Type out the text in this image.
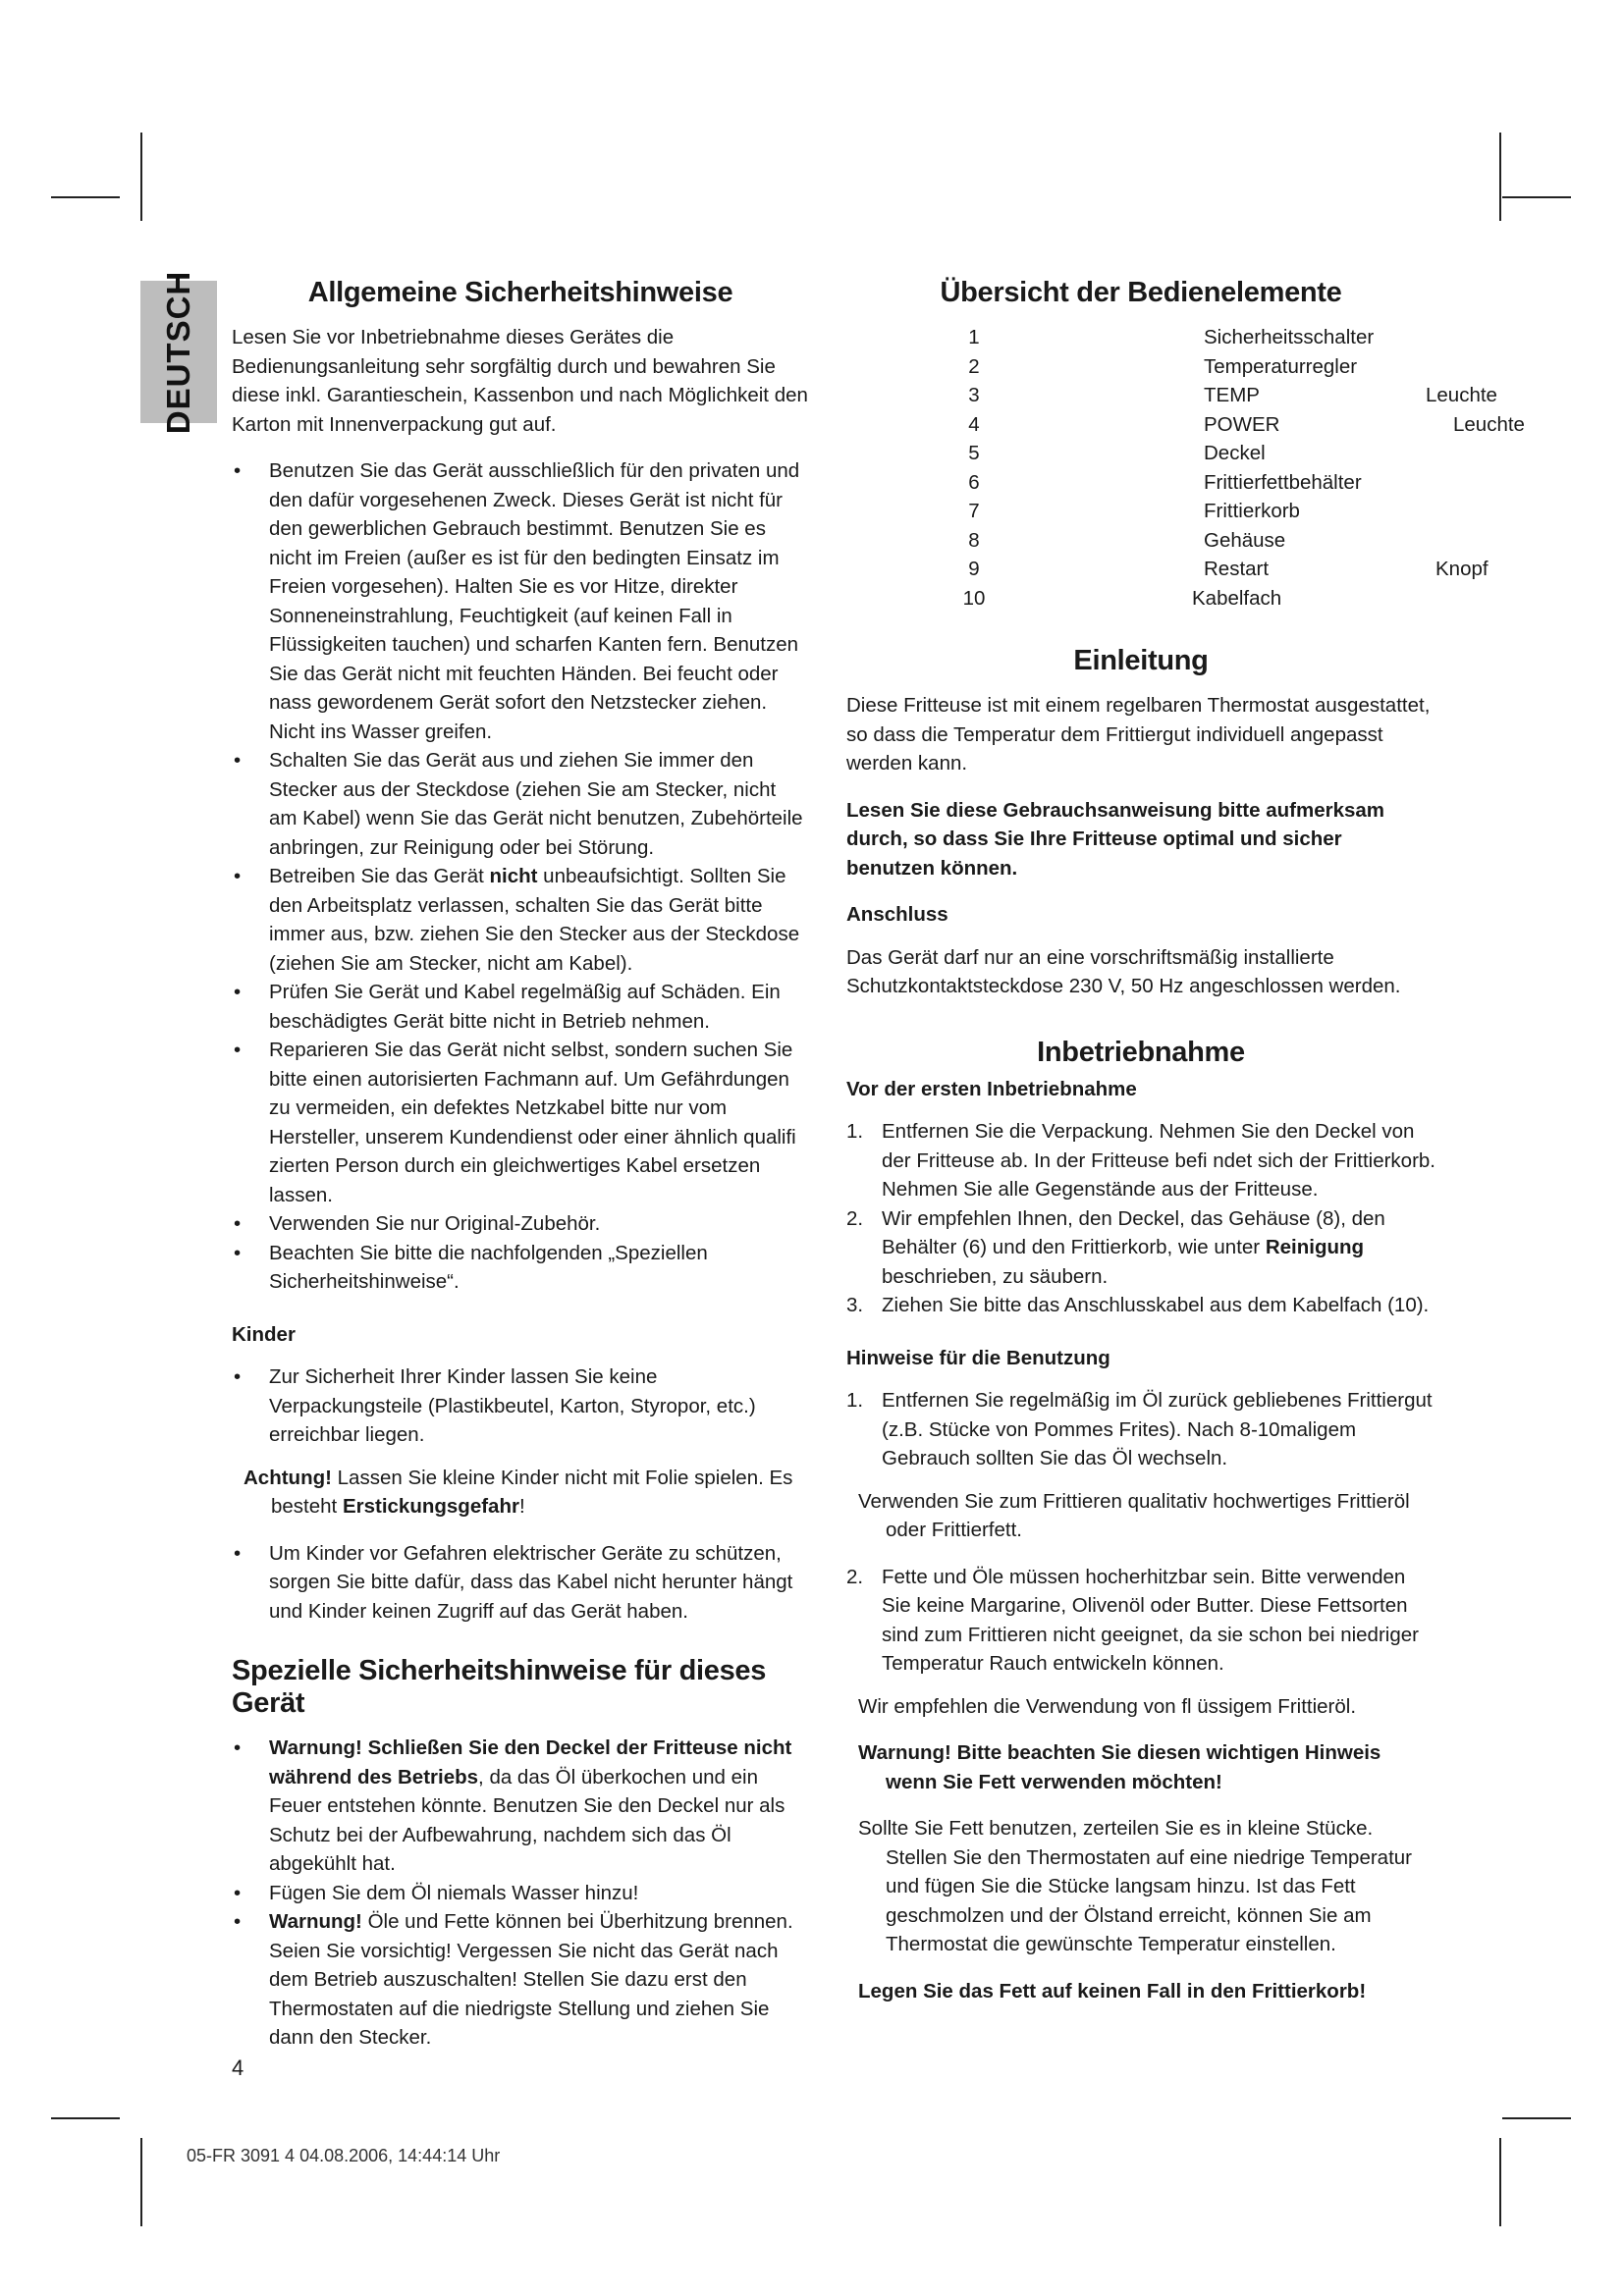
DEUTSCH	Allgemeine Sicherheitshinweise

Lesen Sie vor Inbetriebnahme dieses Gerätes die Bedienungsanleitung sehr sorgfältig durch und bewahren Sie diese inkl. Garantieschein, Kassenbon und nach Möglichkeit den Karton mit Innenverpackung gut auf.

• Benutzen Sie das Gerät ausschließlich für den privaten und den dafür vorgesehenen Zweck. Dieses Gerät ist nicht für den gewerblichen Gebrauch bestimmt. Benutzen Sie es nicht im Freien (außer es ist für den bedingten Einsatz im Freien vorgesehen). Halten Sie es vor Hitze, direkter Sonneneinstrahlung, Feuchtigkeit (auf keinen Fall in Flüssigkeiten tauchen) und scharfen Kanten fern. Benutzen Sie das Gerät nicht mit feuchten Händen. Bei feucht oder nass gewordenem Gerät sofort den Netzstecker ziehen. Nicht ins Wasser greifen.
• Schalten Sie das Gerät aus und ziehen Sie immer den Stecker aus der Steckdose (ziehen Sie am Stecker, nicht am Kabel) wenn Sie das Gerät nicht benutzen, Zubehörteile anbringen, zur Reinigung oder bei Störung.
• Betreiben Sie das Gerät nicht unbeaufsichtigt. Sollten Sie den Arbeitsplatz verlassen, schalten Sie das Gerät bitte immer aus, bzw. ziehen Sie den Stecker aus der Steckdose (ziehen Sie am Stecker, nicht am Kabel).
• Prüfen Sie Gerät und Kabel regelmäßig auf Schäden. Ein beschädigtes Gerät bitte nicht in Betrieb nehmen.
• Reparieren Sie das Gerät nicht selbst, sondern suchen Sie bitte einen autorisierten Fachmann auf. Um Gefährdungen zu vermeiden, ein defektes Netzkabel bitte nur vom Hersteller, unserem Kundendienst oder einer ähnlich qualifi zierten Person durch ein gleichwertiges Kabel ersetzen lassen.
• Verwenden Sie nur Original-Zubehör.
• Beachten Sie bitte die nachfolgenden „Speziellen Sicherheitshinweise“.
Kinder
• Zur Sicherheit Ihrer Kinder lassen Sie keine Verpackungsteile (Plastikbeutel, Karton, Styropor, etc.) erreichbar liegen.

Achtung! Lassen Sie kleine Kinder nicht mit Folie spielen. Es besteht Erstickungsgefahr!

• Um Kinder vor Gefahren elektrischer Geräte zu schützen, sorgen Sie bitte dafür, dass das Kabel nicht herunter hängt und Kinder keinen Zugriff auf das Gerät haben.
Spezielle Sicherheitshinweise für dieses Gerät
• Warnung! Schließen Sie den Deckel der Fritteuse nicht während des Betriebs, da das Öl überkochen und ein Feuer entstehen könnte. Benutzen Sie den Deckel nur als Schutz bei der Aufbewahrung, nachdem sich das Öl abgekühlt hat.
• Fügen Sie dem Öl niemals Wasser hinzu!
• Warnung! Öle und Fette können bei Überhitzung brennen. Seien Sie vorsichtig! Vergessen Sie nicht das Gerät nach dem Betrieb auszuschalten! Stellen Sie dazu erst den Thermostaten auf die niedrigste Stellung und ziehen Sie dann den Stecker.
Übersicht der Bedienelemente
1	Sicherheitsschalter
2	Temperaturregler
3	TEMP	Leuchte
4	POWER	Leuchte
5	Deckel
6	Frittierfettbehälter
7	Frittierkorb
8	Gehäuse
9	Restart	Knopf
10	Kabelfach
Einleitung

Diese Fritteuse ist mit einem regelbaren Thermostat ausgestattet, so dass die Temperatur dem Frittiergut individuell angepasst werden kann.

Lesen Sie diese Gebrauchsanweisung bitte aufmerksam durch, so dass Sie Ihre Fritteuse optimal und sicher benutzen können.

Anschluss

Das Gerät darf nur an eine vorschriftsmäßig installierte Schutzkontaktsteckdose 230 V, 50 Hz angeschlossen werden.

Inbetriebnahme
Vor der ersten Inbetriebnahme
1. Entfernen Sie die Verpackung. Nehmen Sie den Deckel von der Fritteuse ab. In der Fritteuse befi ndet sich der Frittierkorb. Nehmen Sie alle Gegenstände aus der Fritteuse.
2. Wir empfehlen Ihnen, den Deckel, das Gehäuse (8), den Behälter (6) und den Frittierkorb, wie unter Reinigung beschrieben, zu säubern.
3. Ziehen Sie bitte das Anschlusskabel aus dem Kabelfach (10).
Hinweise für die Benutzung
1. Entfernen Sie regelmäßig im Öl zurück gebliebenes Frittiergut (z.B. Stücke von Pommes Frites). Nach 8-10maligem Gebrauch sollten Sie das Öl wechseln.

Verwenden Sie zum Frittieren qualitativ hochwertiges Frittieröl oder Frittierfett.

2. Fette und Öle müssen hocherhitzbar sein. Bitte verwenden Sie keine Margarine, Olivenöl oder Butter. Diese Fettsorten sind zum Frittieren nicht geeignet, da sie schon bei niedriger Temperatur Rauch entwickeln können.

Wir empfehlen die Verwendung von fl üssigem Frittieröl.

Warnung! Bitte beachten Sie diesen wichtigen Hinweis wenn Sie Fett verwenden möchten!

Sollte Sie Fett benutzen, zerteilen Sie es in kleine Stücke. Stellen Sie den Thermostaten auf eine niedrige Temperatur und fügen Sie die Stücke langsam hinzu. Ist das Fett geschmolzen und der Ölstand erreicht, können Sie am Thermostat die gewünschte Temperatur einstellen.

Legen Sie das Fett auf keinen Fall in den Frittierkorb!

4
05-FR 3091 4 04.08.2006, 14:44:14 Uhr
